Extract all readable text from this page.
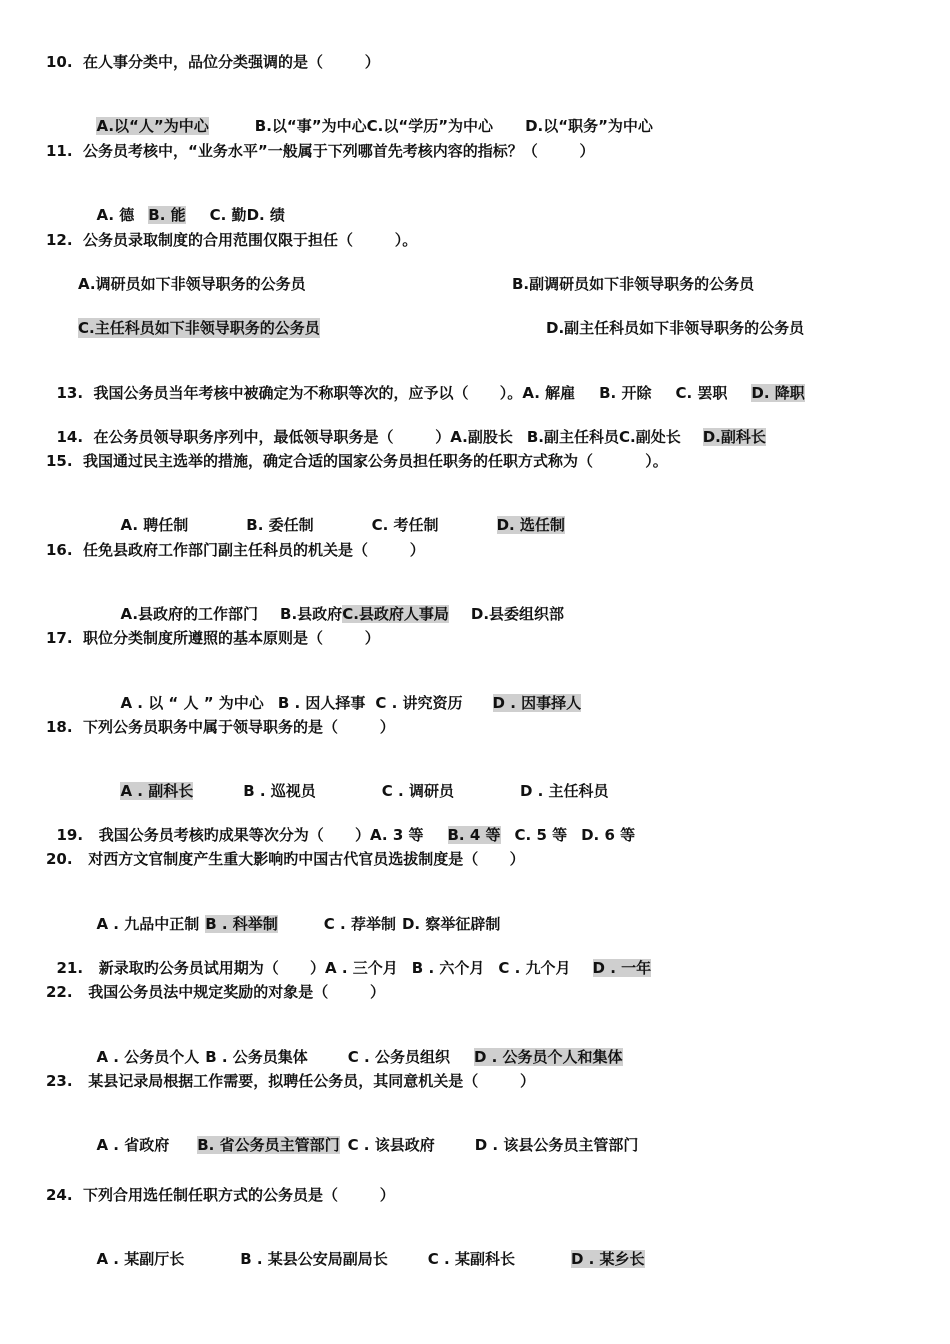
10.  在人事分类中，品位分类强调的是（        ）

A.以“人”为中心	B.以“事”为中心C.以“学历”为中心 D.以“职务”为中心

11.  公务员考核中，“业务水平”一般属于下列哪首先考核内容的指标？（        ）

A. 德 B. 能 C. 勤D. 绩

12.  公务员录取制度的合用范围仅限于担任（        ）。
A.调研员如下非领导职务的公务员	B.副调研员如下非领导职务的公务员
C.主任科员如下非领导职务的公务员	D.副主任科员如下非领导职务的公务员

13.  我国公务员当年考核中被确定为不称职等次的，应予以（      ）。A. 解雇 B. 开除 C. 罢职 D. 降职

14.  在公务员领导职务序列中，最低领导职务是（        ）A.副股长 B.副主任科员C.副处长 D.副科长

15.  我国通过民主选举的措施，确定合适的国家公务员担任职务的任职方式称为（          ）。

A. 聘任制	B. 委任制	C. 考任制	D. 选任制

16.  任免县政府工作部门副主任科员的机关是（        ）

A.县政府的工作部门 B.县政府C.县政府人事局 D.县委组织部

17.  职位分类制度所遵照的基本原则是（        ）

A . 以 “ 人 ” 为中心 B . 因人择事 C . 讲究资历 D . 因事择人

18.  下列公务员职务中属于领导职务的是（        ）

A . 副科长	B . 巡视员	C . 调研员	D . 主任科员

19.   我国公务员考核旳成果等次分为（      ）A. 3 等 B. 4 等 C. 5 等 D. 6 等

20.   对西方文官制度产生重大影响旳中国古代官员选拔制度是（      ）

A . 九品中正制 B . 科举制	C . 荐举制 D. 察举征辟制

21.   新录取旳公务员试用期为（      ）A . 三个月 B . 六个月 C . 九个月 D . 一年

22.   我国公务员法中规定奖励的对象是（        ）

A . 公务员个人 B . 公务员集体	C . 公务员组织 D . 公务员个人和集体

23.   某县记录局根据工作需要，拟聘任公务员，其同意机关是（        ）

A . 省政府 B. 省公务员主管部门 C . 该县政府	D . 该县公务员主管部门

24.  下列合用选任制任职方式的公务员是（        ）

A . 某副厅长	B . 某县公安局副局长	C . 某副科长	D . 某乡长
